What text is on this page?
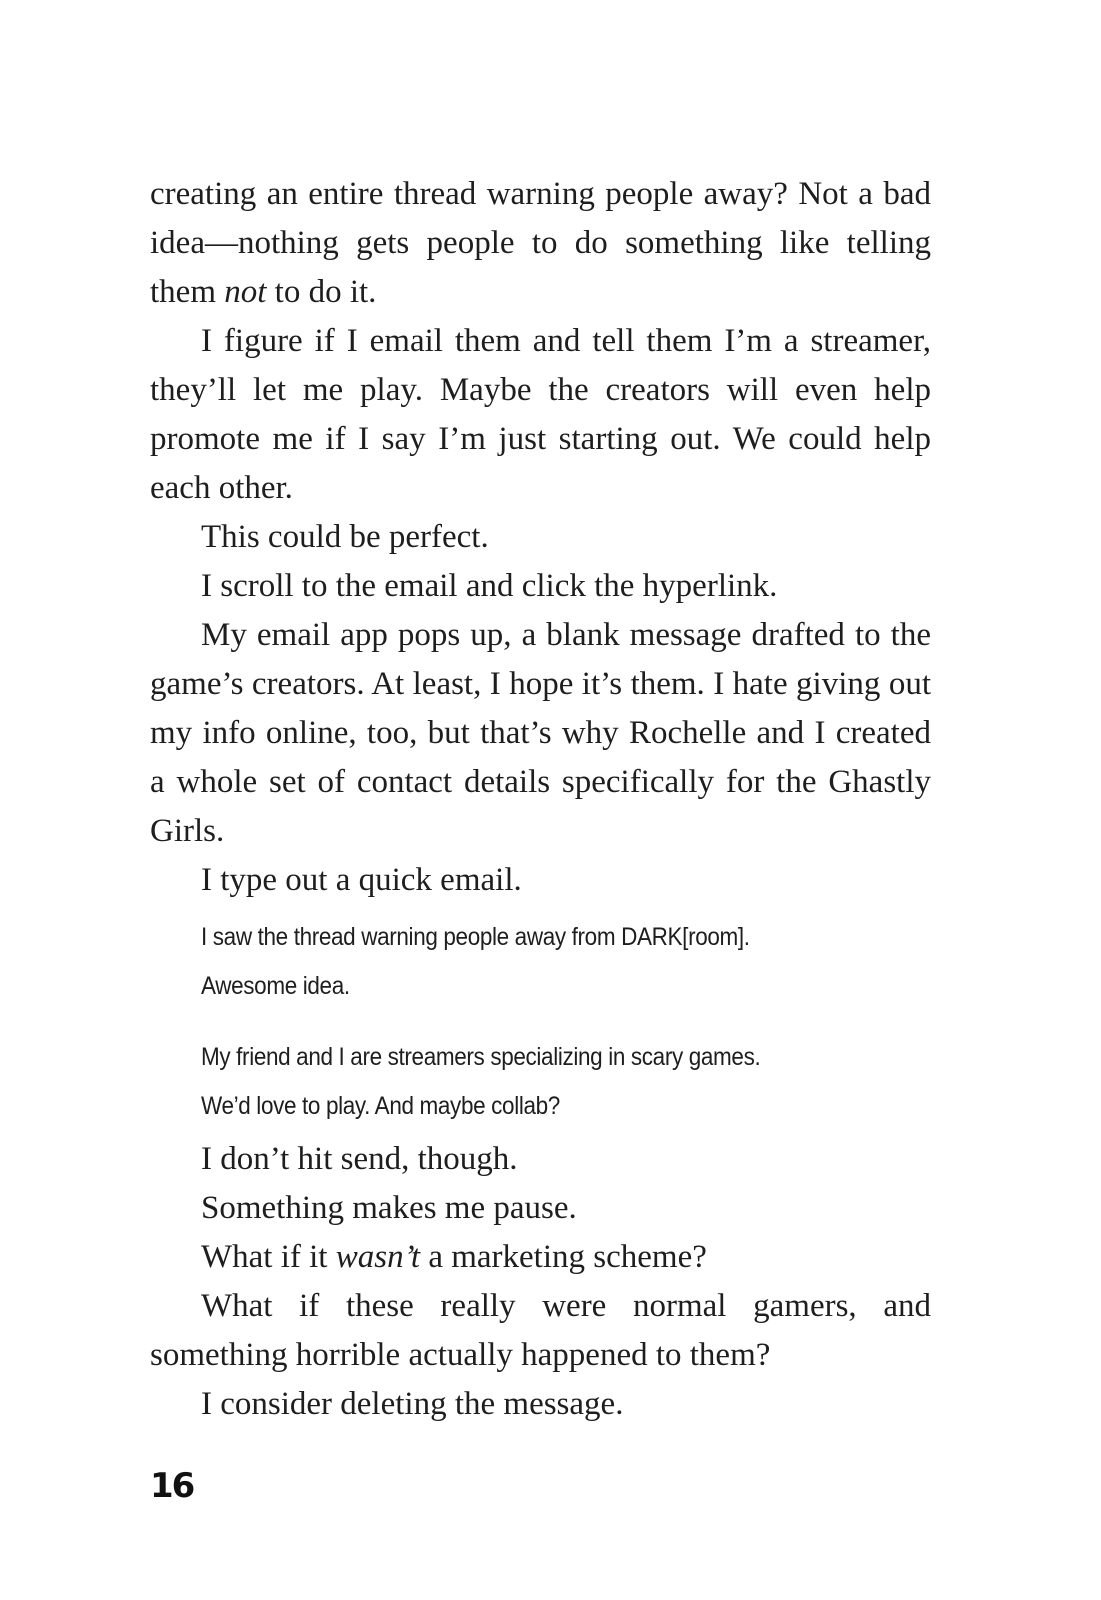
creating an entire thread warning people away? Not a bad idea—nothing gets people to do something like telling them not to do it.

I figure if I email them and tell them I’m a streamer, they’ll let me play. Maybe the creators will even help promote me if I say I’m just starting out. We could help each other.

This could be perfect.

I scroll to the email and click the hyperlink.

My email app pops up, a blank message drafted to the game’s creators. At least, I hope it’s them. I hate giving out my info online, too, but that’s why Rochelle and I created a whole set of contact details specifically for the Ghastly Girls.

I type out a quick email.

I saw the thread warning people away from DARK[room].
Awesome idea.

My friend and I are streamers specializing in scary games.
We’d love to play. And maybe collab?

I don’t hit send, though.

Something makes me pause.

What if it wasn’t a marketing scheme?

What if these really were normal gamers, and something horrible actually happened to them?

I consider deleting the message.

16
